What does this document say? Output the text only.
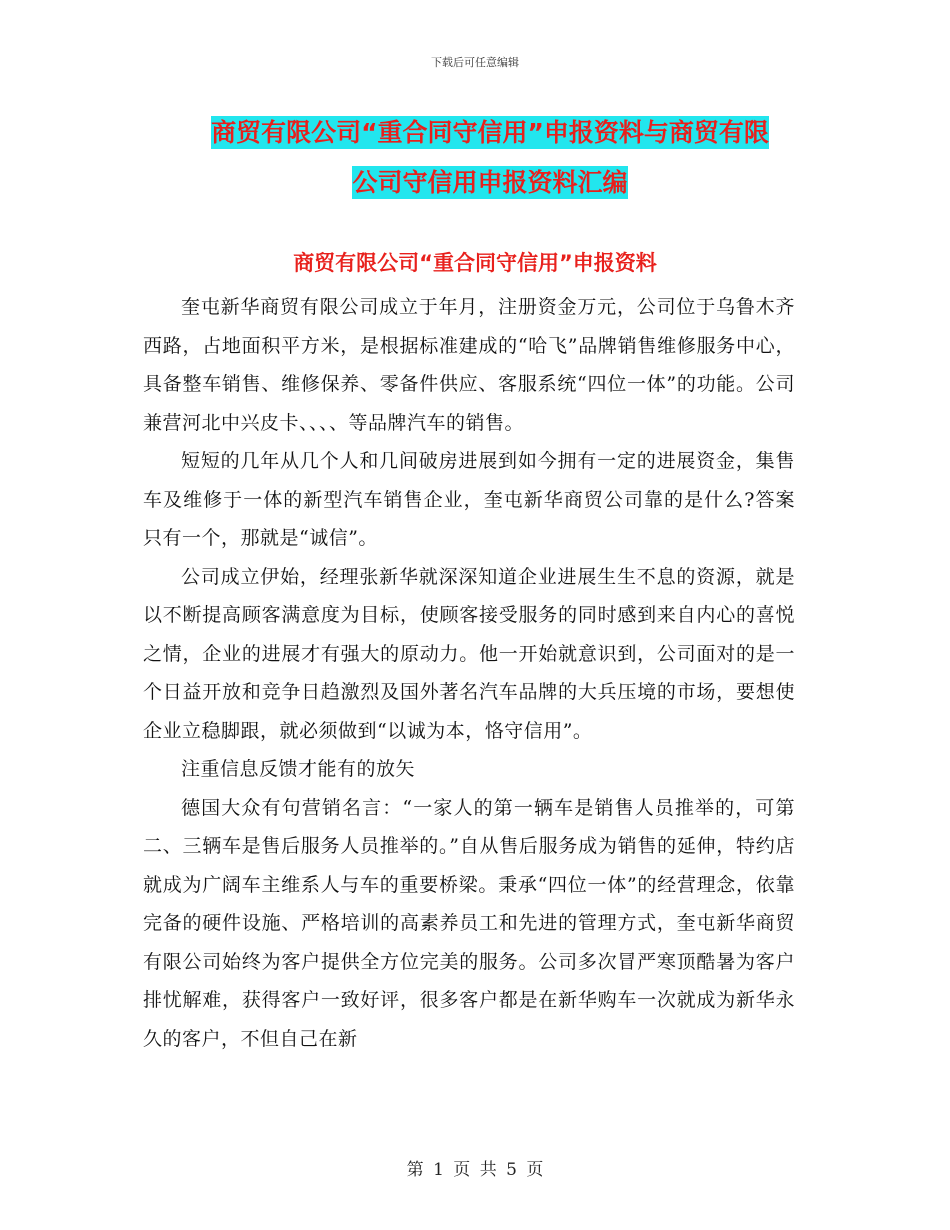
下载后可任意编辑
商贸有限公司“重合同守信用”申报资料与商贸有限
公司守信用申报资料汇编
商贸有限公司“重合同守信用”申报资料

奎屯新华商贸有限公司成立于年月，注册资金万元，公司位于乌鲁木齐西路，占地面积平方米，是根据标准建成的“哈飞”品牌销售维修服务中心，具备整车销售、维修保养、零备件供应、客服系统“四位一体”的功能。公司兼营河北中兴皮卡、、、、等品牌汽车的销售。

短短的几年从几个人和几间破房进展到如今拥有一定的进展资金，集售车及维修于一体的新型汽车销售企业，奎屯新华商贸公司靠的是什么?答案只有一个，那就是“诚信”。

公司成立伊始，经理张新华就深深知道企业进展生生不息的资源，就是以不断提高顾客满意度为目标，使顾客接受服务的同时感到来自内心的喜悦之情，企业的进展才有强大的原动力。他一开始就意识到，公司面对的是一个日益开放和竞争日趋激烈及国外著名汽车品牌的大兵压境的市场，要想使企业立稳脚跟，就必须做到“以诚为本，恪守信用”。

注重信息反馈才能有的放矢

德国大众有句营销名言：“一家人的第一辆车是销售人员推举的，可第二、三辆车是售后服务人员推举的。”自从售后服务成为销售的延伸，特约店就成为广阔车主维系人与车的重要桥梁。秉承“四位一体”的经营理念，依靠完备的硬件设施、严格培训的高素养员工和先进的管理方式，奎屯新华商贸有限公司始终为客户提供全方位完美的服务。公司多次冒严寒顶酷暑为客户排忧解难，获得客户一致好评，很多客户都是在新华购车一次就成为新华永久的客户，不但自己在新

第 1 页 共 5 页
